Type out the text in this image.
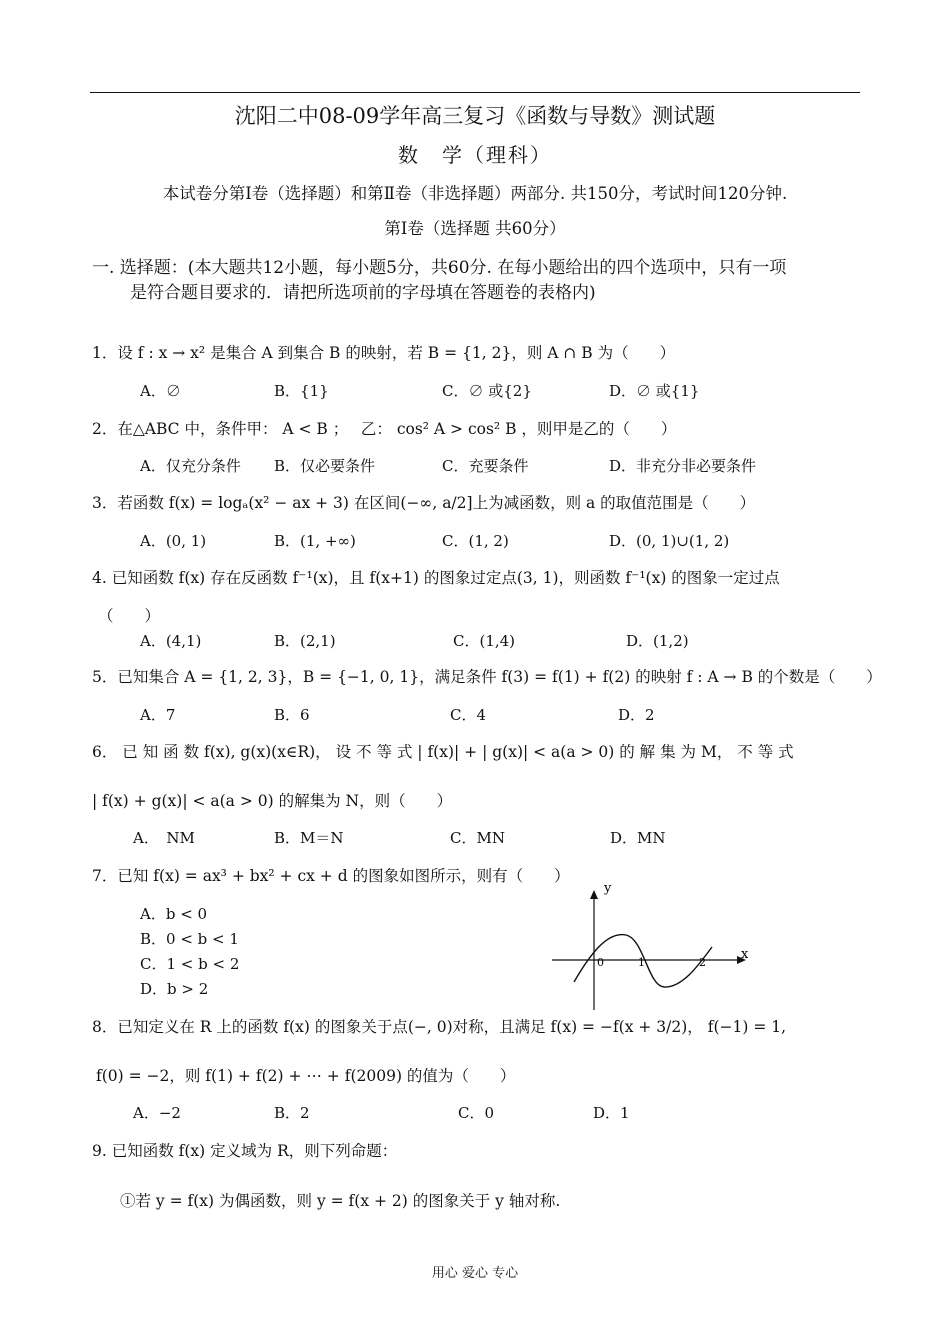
沈阳二中08-09学年高三复习《函数与导数》测试题
数　学（理科）
本试卷分第Ⅰ卷（选择题）和第Ⅱ卷（非选择题）两部分. 共150分，考试时间120分钟.
第Ⅰ卷（选择题 共60分）
一. 选择题：(本大题共12小题，每小题5分，共60分. 在每小题给出的四个选项中，只有一项
是符合题目要求的．请把所选项前的字母填在答题卷的表格内)
1．设 f : x → x² 是集合 A 到集合 B 的映射，若 B = {1, 2}，则 A ∩ B 为（　　）
A．∅	B．{1}	C．∅ 或{2}	D．∅ 或{1}
2．在△ABC 中，条件甲： A < B ；　 乙： cos² A > cos² B ，则甲是乙的（　　）
A．仅充分条件 B．仅必要条件	C．充要条件	D．非充分非必要条件
3．若函数 f(x) = logₐ(x² − ax + 3) 在区间(−∞, a/2]上为减函数，则 a 的取值范围是（　　）
A．(0, 1)	B．(1, +∞)	C．(1, 2)	D．(0, 1)∪(1, 2)
4. 已知函数 f(x) 存在反函数 f⁻¹(x)，且 f(x+1) 的图象过定点(3, 1)，则函数 f⁻¹(x) 的图象一定过点
（　　）
A．(4,1)	B．(2,1)	C．(1,4)	D．(1,2)
5．已知集合 A = {1, 2, 3}，B = {−1, 0, 1}，满足条件 f(3) = f(1) + f(2) 的映射 f : A → B 的个数是（　　）
A．7	B．6	C．4	D．2
6． 已 知 函 数 f(x), g(x)(x∈R)， 设 不 等 式 | f(x)| + | g(x)| < a(a > 0) 的 解 集 为 M， 不 等 式
| f(x) + g(x)| < a(a > 0) 的解集为 N，则（　　）
A．　NM	B．M＝N	C．MN	D．MN
7．已知 f(x) = ax³ + bx² + cx + d 的图象如图所示，则有（　　）
A．b < 0
B．0 < b < 1
C．1 < b < 2
D．b > 2
y
x
0	1	2
8．已知定义在 R 上的函数 f(x) 的图象关于点(−, 0)对称，且满足 f(x) = −f(x + 3/2)， f(−1) = 1,
f(0) = −2，则 f(1) + f(2) + ⋯ + f(2009) 的值为（　　）
A．−2	B．2	C．0	D．1
9. 已知函数 f(x) 定义域为 R，则下列命题：
①若 y = f(x) 为偶函数，则 y = f(x + 2) 的图象关于 y 轴对称.
用心 爱心 专心
